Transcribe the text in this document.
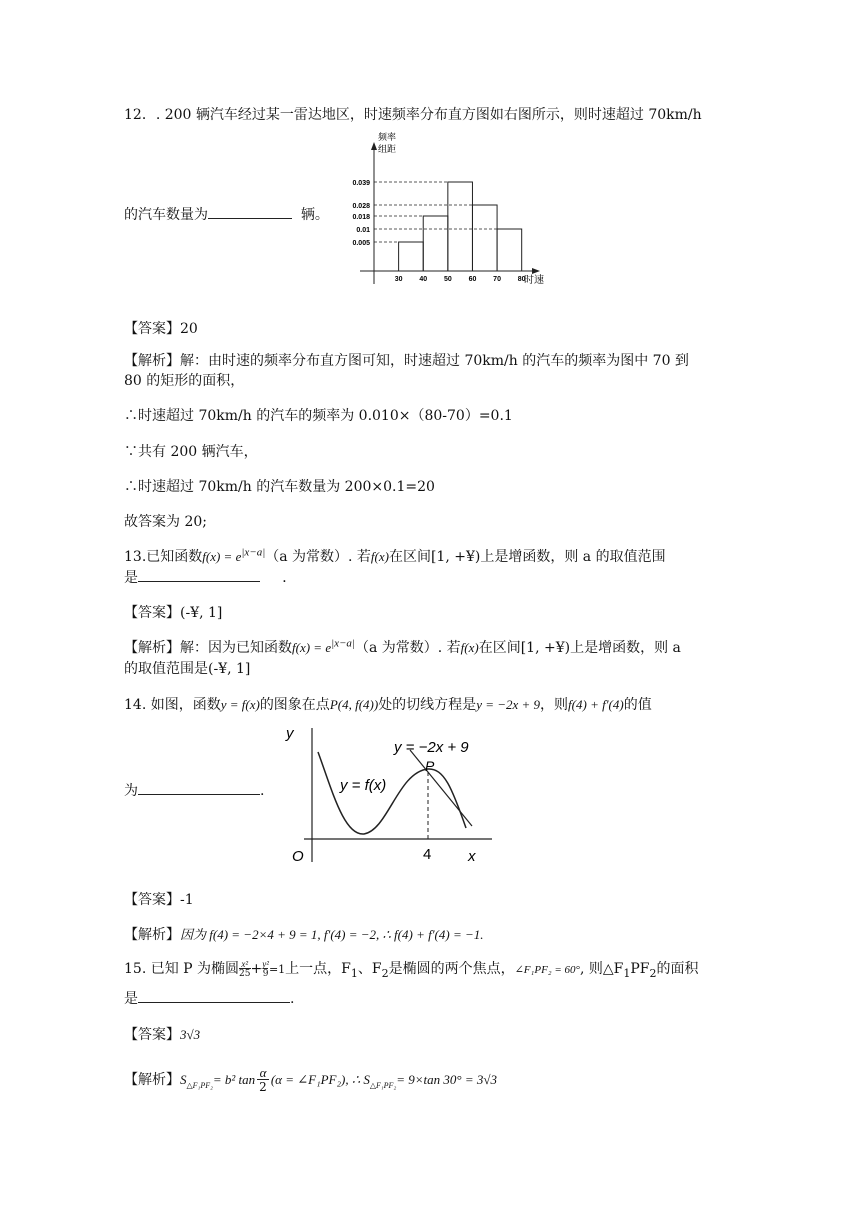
12．. 200 辆汽车经过某一雷达地区，时速频率分布直方图如右图所示，则时速超过 70km/h
频率
组距
时速
0.039
0.028
0.018
0.01
0.005
30 40 50 60 70 80
的汽车数量为	辆。
【答案】20
【解析】解：由时速的频率分布直方图可知，时速超过 70km/h 的汽车的频率为图中 70 到
80 的矩形的面积，
∴时速超过 70km/h 的汽车的频率为 0.010×（80-70）=0.1
∵共有 200 辆汽车，
∴时速超过 70km/h 的汽车数量为 200×0.1=20
故答案为 20;
13.已知函数$f(x) = e^{|x-a|}(a$ 为常数）. 若f(x)在区间[1, +¥)上是增函数，则 a 的取值范围
是	．
【答案】(-¥, 1]
【解析】解：因为已知函数$f(x) = e^{|x-a|}(a$ 为常数）. 若f(x)在区间[1, +¥)上是增函数，则 a
的取值范围是(-¥, 1]
14. 如图，函数y = f(x)的图象在点P(4, f(4))处的切线方程是y = −2x + 9，则f(4) + f′(4)的值
y
y = −2x + 9
y = f(x)
P
O	4 x
为	.
【答案】-1
【解析】因为 f(4) = −2×4 + 9 = 1, f′(4) = −2, ∴ f(4) + f′(4) = −1.
15. 已知 P 为椭圆$\frac{\text{x²}}{25}+\frac{\text{y²}}{9}=1$上一点，$F_1$、$F_2$是椭圆的两个焦点，∠F₁PF₂ = 60°, 则$\triangle F_1PF_2$的面积
是	.
【答案】3√3
【解析】$S_{\triangle F_1PF_2}= b^2$ $\tan \frac{\alpha}{2} (\alpha$ = ∠F₁PF₂), ∴ $S_{\triangle F_1PF_2}= 9\times\tan$ 30° = 3√3
